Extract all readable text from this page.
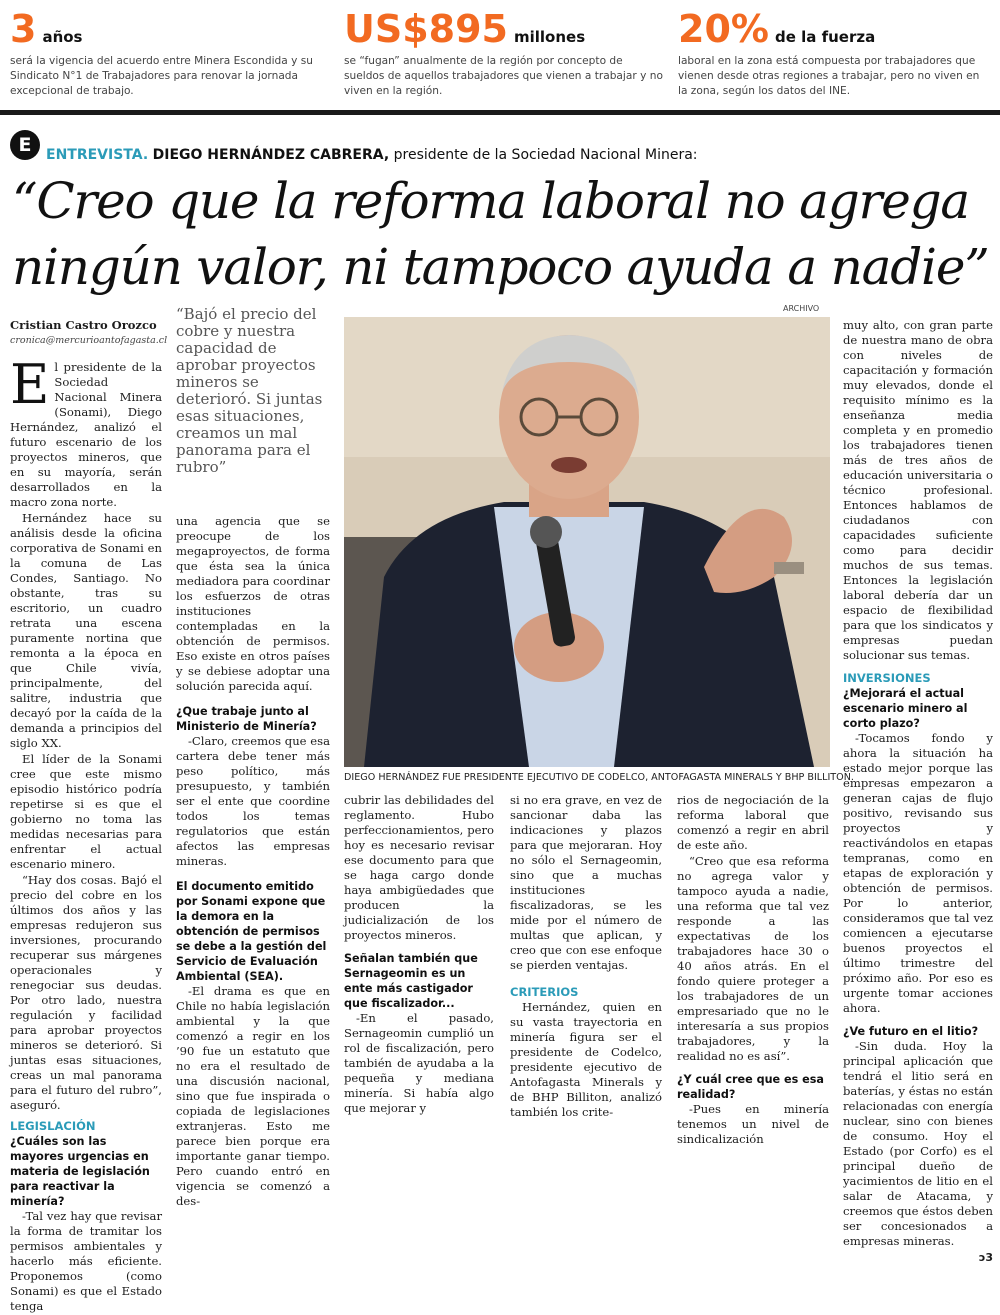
3 años
será la vigencia del acuerdo entre Minera Escondida y su Sindicato N°1 de Trabajadores para renovar la jornada excepcional de trabajo.
US$895 millones
se “fugan” anualmente de la región por concepto de sueldos de aquellos trabajadores que vienen a trabajar y no viven en la región.
20% de la fuerza
laboral en la zona está compuesta por trabajadores que vienen desde otras regiones a trabajar, pero no viven en la zona, según los datos del INE.
E	ENTREVISTA. DIEGO HERNÁNDEZ CABRERA, presidente de la Sociedad Nacional Minera:
“Creo que la reforma laboral no agrega
ningún valor, ni tampoco ayuda a nadie”
Cristian Castro Orozco
cronica@mercurioantofagasta.cl

El presidente de la Sociedad Nacional Minera (Sonami), Diego Hernández, analizó el futuro escenario de los proyectos mineros, que en su mayoría, serán desarrollados en la macro zona norte.

Hernández hace su análisis desde la oficina corporativa de Sonami en la comuna de Las Condes, Santiago. No obstante, tras su escritorio, un cuadro retrata una escena puramente nortina que remonta a la época en que Chile vivía, principalmente, del salitre, industria que decayó por la caída de la demanda a principios del siglo XX.

El líder de la Sonami cree que este mismo episodio histórico podría repetirse si es que el gobierno no toma las medidas necesarias para enfrentar el actual escenario minero.

“Hay dos cosas. Bajó el precio del cobre en los últimos dos años y las empresas redujeron sus inversiones, procurando recuperar sus márgenes operacionales y renegociar sus deudas. Por otro lado, nuestra regulación y facilidad para aprobar proyectos mineros se deterioró. Si juntas esas situaciones, creas un mal panorama para el futuro del rubro”, aseguró.

LEGISLACIÓN
¿Cuáles son las mayores urgencias en materia de legislación para reactivar la minería?

-Tal vez hay que revisar la forma de tramitar los permisos ambientales y hacerlo más eficiente. Proponemos (como Sonami) es que el Estado tenga

“Bajó el precio del cobre y nuestra capacidad de aprobar proyectos mineros se deterioró. Si juntas esas situaciones, creamos un mal panorama para el rubro”

una agencia que se preocupe de los megaproyectos, de forma que ésta sea la única mediadora para coordinar los esfuerzos de otras instituciones contempladas en la obtención de permisos. Eso existe en otros países y se debiese adoptar una solución parecida aquí.

¿Que trabaje junto al Ministerio de Minería?

-Claro, creemos que esa cartera debe tener más peso político, más presupuesto, y también ser el ente que coordine todos los temas regulatorios que están afectos las empresas mineras.

El documento emitido por Sonami expone que la demora en la obtención de permisos se debe a la gestión del Servicio de Evaluación Ambiental (SEA).

-El drama es que en Chile no había legislación ambiental y la que comenzó a regir en los ’90 fue un estatuto que no era el resultado de una discusión nacional, sino que fue inspirada o copiada de legislaciones extranjeras. Esto me parece bien porque era importante ganar tiempo. Pero cuando entró en vigencia se comenzó a des-

ARCHIVO
DIEGO HERNÁNDEZ FUE PRESIDENTE EJECUTIVO DE CODELCO, ANTOFAGASTA MINERALS Y BHP BILLITON.

cubrir las debilidades del reglamento. Hubo perfeccionamientos, pero hoy es necesario revisar ese documento para que se haga cargo donde haya ambigüedades que producen la judicialización de los proyectos mineros.

Señalan también que Sernageomin es un ente más castigador que fiscalizador...

-En el pasado, Sernageomin cumplió un rol de fiscalización, pero también de ayudaba a la pequeña y mediana minería. Si había algo que mejorar y

si no era grave, en vez de sancionar daba las indicaciones y plazos para que mejoraran. Hoy no sólo el Sernageomin, sino que a muchas instituciones fiscalizadoras, se les mide por el número de multas que aplican, y creo que con ese enfoque se pierden ventajas.

CRITERIOS

Hernández, quien en su vasta trayectoria en minería figura ser el presidente de Codelco, presidente ejecutivo de Antofagasta Minerals y de BHP Billiton, analizó también los crite-

rios de negociación de la reforma laboral que comenzó a regir en abril de este año.

“Creo que esa reforma no agrega valor y tampoco ayuda a nadie, una reforma que tal vez responde a las expectativas de los trabajadores hace 30 o 40 años atrás. En el fondo quiere proteger a los trabajadores de un empresariado que no le interesaría a sus propios trabajadores, y la realidad no es así”.

¿Y cuál cree que es esa realidad?

-Pues en minería tenemos un nivel de sindicalización

muy alto, con gran parte de nuestra mano de obra con niveles de capacitación y formación muy elevados, donde el requisito mínimo es la enseñanza media completa y en promedio los trabajadores tienen más de tres años de educación universitaria o técnico profesional. Entonces hablamos de ciudadanos con capacidades suficiente como para decidir muchos de sus temas. Entonces la legislación laboral debería dar un espacio de flexibilidad para que los sindicatos y empresas puedan solucionar sus temas.

INVERSIONES
¿Mejorará el actual escenario minero al corto plazo?

-Tocamos fondo y ahora la situación ha estado mejor porque las empresas empezaron a generan cajas de flujo positivo, revisando sus proyectos y reactivándolos en etapas tempranas, como en etapas de exploración y obtención de permisos. Por lo anterior, consideramos que tal vez comiencen a ejecutarse buenos proyectos el último trimestre del próximo año. Por eso es urgente tomar acciones ahora.

¿Ve futuro en el litio?

-Sin duda. Hoy la principal aplicación que tendrá el litio será en baterías, y éstas no están relacionadas con energía nuclear, sino con bienes de consumo. Hoy el Estado (por Corfo) es el principal dueño de yacimientos de litio en el salar de Atacama, y creemos que éstos deben ser concesionados a empresas mineras.

ↄ3
